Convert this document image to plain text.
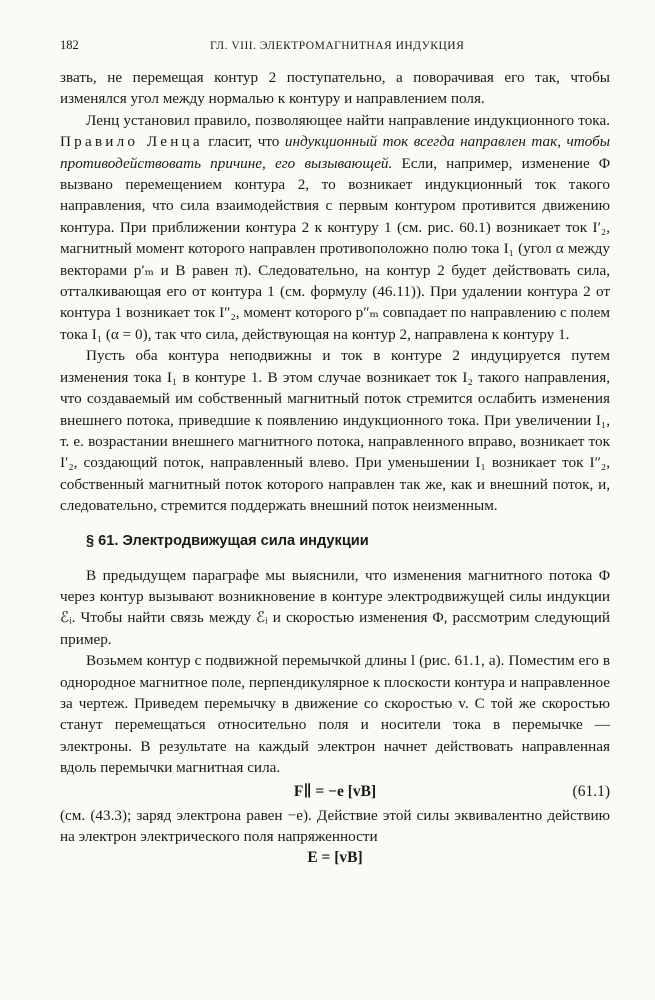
182	ГЛ. VIII. ЭЛЕКТРОМАГНИТНАЯ ИНДУКЦИЯ

звать, не перемещая контур 2 поступательно, а поворачивая его так, чтобы изменялся угол между нормалью к контуру и направлением поля.

Ленц установил правило, позволяющее найти направление индукционного тока. Правило Ленца гласит, что индукционный ток всегда направлен так, чтобы противодействовать причине, его вызывающей. Если, например, изменение Φ вызвано перемещением контура 2, то возникает индукционный ток такого направления, что сила взаимодействия с первым контуром противится движению контура. При приближении контура 2 к контуру 1 (см. рис. 60.1) возникает ток I′₂, магнитный момент которого направлен противоположно полю тока I₁ (угол α между векторами p′ₘ и B равен π). Следовательно, на контур 2 будет действовать сила, отталкивающая его от контура 1 (см. формулу (46.11)). При удалении контура 2 от контура 1 возникает ток I″₂, момент которого p″ₘ совпадает по направлению с полем тока I₁ (α = 0), так что сила, действующая на контур 2, направлена к контуру 1.

Пусть оба контура неподвижны и ток в контуре 2 индуцируется путем изменения тока I₁ в контуре 1. В этом случае возникает ток I₂ такого направления, что создаваемый им собственный магнитный поток стремится ослабить изменения внешнего потока, приведшие к появлению индукционного тока. При увеличении I₁, т. е. возрастании внешнего магнитного потока, направленного вправо, возникает ток I′₂, создающий поток, направленный влево. При уменьшении I₁ возникает ток I″₂, собственный магнитный поток которого направлен так же, как и внешний поток, и, следовательно, стремится поддержать внешний поток неизменным.

§ 61. Электродвижущая сила индукции

В предыдущем параграфе мы выяснили, что изменения магнитного потока Φ через контур вызывают возникновение в контуре электродвижущей силы индукции ℰᵢ. Чтобы найти связь между ℰᵢ и скоростью изменения Φ, рассмотрим следующий пример.

Возьмем контур с подвижной перемычкой длины l (рис. 61.1, а). Поместим его в однородное магнитное поле, перпендикулярное к плоскости контура и направленное за чертеж. Приведем перемычку в движение со скоростью v. С той же скоростью станут перемещаться относительно поля и носители тока в перемычке — электроны. В результате на каждый электрон начнет действовать направленная вдоль перемычки магнитная сила.

F∥ = −e [vB]	(61.1)

(см. (43.3); заряд электрона равен −e). Действие этой силы эквивалентно действию на электрон электрического поля напряженности

E = [vB]
